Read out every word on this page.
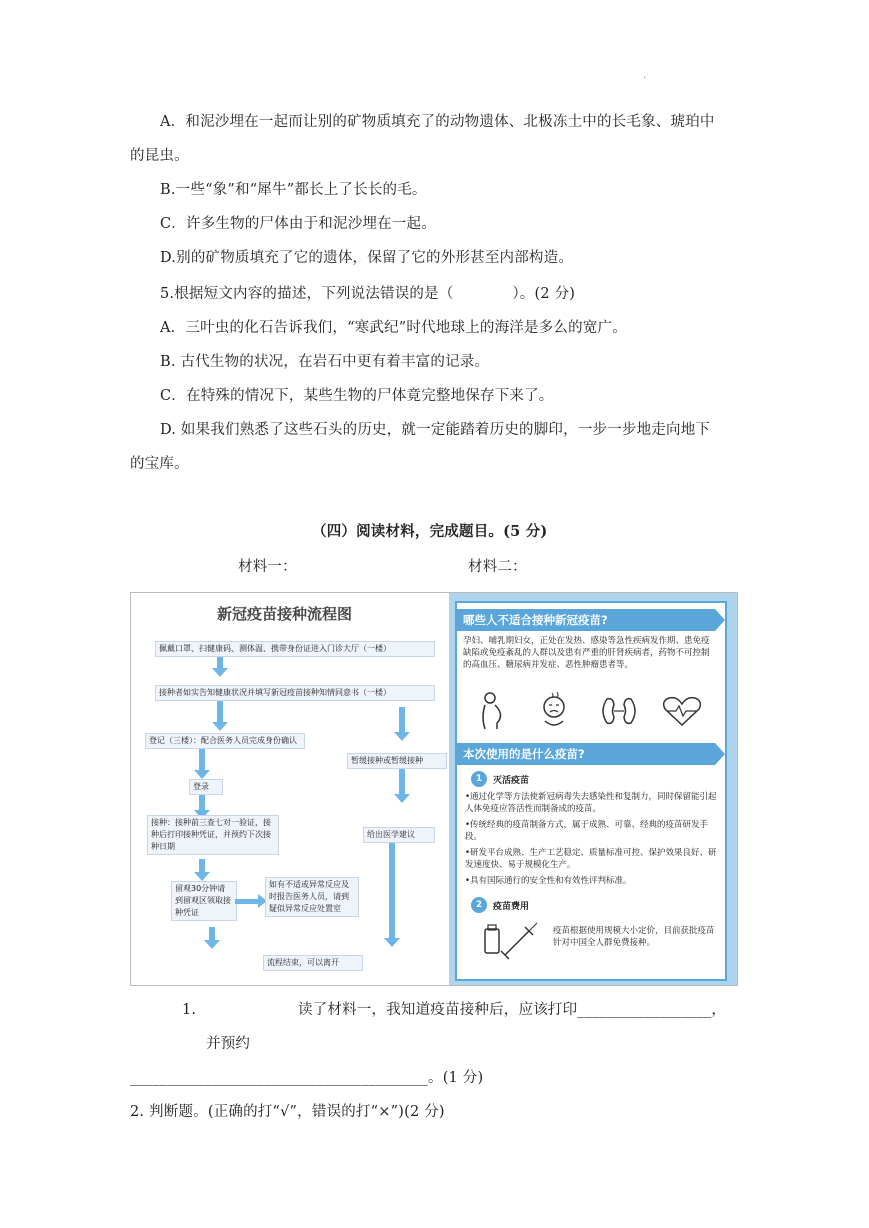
.
A．和泥沙埋在一起而让别的矿物质填充了的动物遗体、北极冻土中的长毛象、琥珀中
的昆虫。
B.一些“象”和“犀牛”都长上了长长的毛。
C．许多生物的尸体由于和泥沙埋在一起。
D.别的矿物质填充了它的遗体，保留了它的外形甚至内部构造。
5.根据短文内容的描述，下列说法错误的是（　　　　）。(2 分)
A．三叶虫的化石告诉我们，“寒武纪”时代地球上的海洋是多么的宽广。
B. 古代生物的状况，在岩石中更有着丰富的记录。
C．在特殊的情况下，某些生物的尸体竟完整地保存下来了。
D. 如果我们熟悉了这些石头的历史，就一定能踏着历史的脚印，一步一步地走向地下
的宝库。
（四）阅读材料，完成题目。(5 分)
材料一：	材料二：
新冠疫苗接种流程图
佩戴口罩、扫健康码、测体温、携带身份证进入门诊大厅（一楼）
接种者如实告知健康状况并填写新冠疫苗接种知情同意书（一楼）
登记（三楼）：配合医务人员完成身份确认
暂缓接种或暂缓接种
登录
给出医学建议
接种：接种前三查七对一验证，接种后打印接种凭证，并预约下次接种日期
留观30分钟请到留观区领取接种凭证
如有不适或异常反应及时报告医务人员，请到疑似异常反应处置室
流程结束，可以离开
哪些人不适合接种新冠疫苗?
孕妇、哺乳期妇女，正处在发热、感染等急性疾病发作期、患免疫缺陷或免疫紊乱的人群以及患有严重的肝肾疾病者，药物不可控制的高血压、糖尿病并发症、恶性肿瘤患者等。
本次使用的是什么疫苗?
1	灭活疫苗
•通过化学等方法使新冠病毒失去感染性和复制力，同时保留能引起人体免疫应答活性而制备成的疫苗。
•传统经典的疫苗制备方式，属于成熟、可靠、经典的疫苗研发手段。
•研发平台成熟、生产工艺稳定、质量标准可控、保护效果良好、研发速度快、易于规模化生产。
•具有国际通行的安全性和有效性评判标准。
2	疫苗费用
疫苗根据使用规模大小定价，目前获批疫苗针对中国全人群免费接种。
1.	读了材料一，我知道疫苗接种后，应该打印__________________，
并预约
________________________________________。(1 分)
2. 判断题。(正确的打“√”，错误的打“×”)(2 分)
